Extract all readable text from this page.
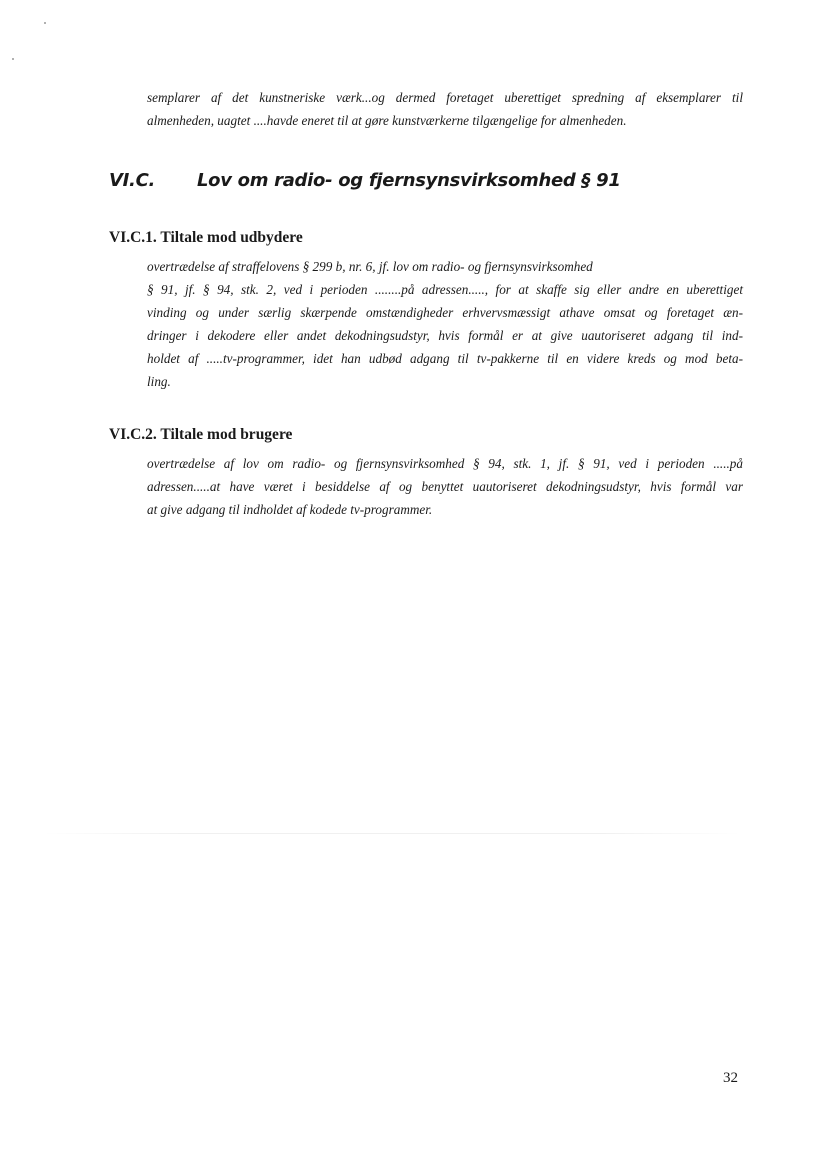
semplarer af det kunstneriske værk...og dermed foretaget uberettiget spredning af eksemplarer til
almenheden, uagtet ....havde eneret til at gøre kunstværkerne tilgængelige for almenheden.
VI.C. Lov om radio- og fjernsynsvirksomhed § 91
VI.C.1. Tiltale mod udbydere
overtrædelse af straffelovens § 299 b, nr. 6, jf. lov om radio- og fjernsynsvirksomhed
§ 91, jf. § 94, stk. 2, ved i perioden ........på adressen....., for at skaffe sig eller andre en uberettiget
vinding og under særlig skærpende omstændigheder erhvervsmæssigt athave omsat og foretaget æn-
dringer i dekodere eller andet dekodningsudstyr, hvis formål er at give uautoriseret adgang til ind-
holdet af .....tv-programmer, idet han udbød adgang til tv-pakkerne til en videre kreds og mod beta-
ling.
VI.C.2. Tiltale mod brugere
overtrædelse af lov om radio- og fjernsynsvirksomhed § 94, stk. 1, jf. § 91, ved i perioden .....på
adressen.....at have været i besiddelse af og benyttet uautoriseret dekodningsudstyr, hvis formål var
at give adgang til indholdet af kodede tv-programmer.
32
